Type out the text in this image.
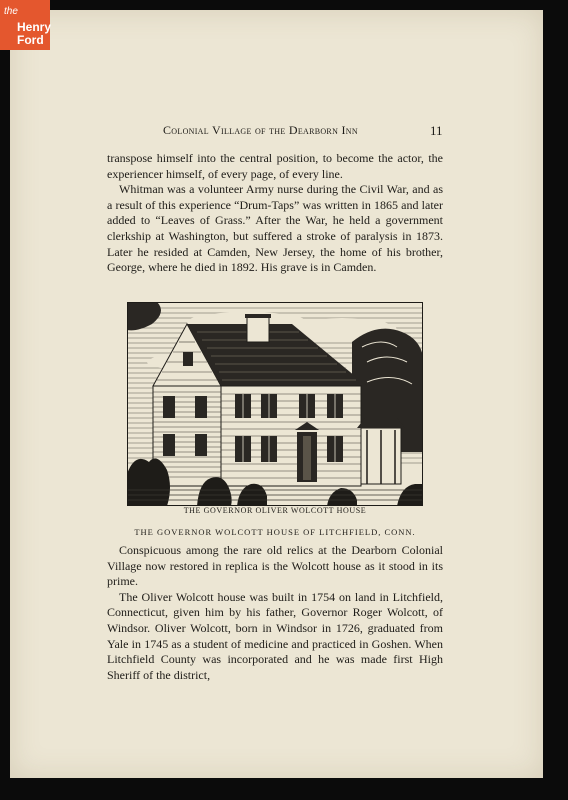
the
Henry
Ford
Colonial Village of the Dearborn Inn	11

transpose himself into the central position, to become the actor, the experiencer himself, of every page, of every line.

Whitman was a volunteer Army nurse during the Civil War, and as a result of this experience “Drum-Taps” was written in 1865 and later added to “Leaves of Grass.” After the War, he held a government clerkship at Washington, but suffered a stroke of paralysis in 1873. Later he resided at Camden, New Jersey, the home of his brother, George, where he died in 1892. His grave is in Camden.

THE GOVERNOR OLIVER WOLCOTT HOUSE
THE GOVERNOR WOLCOTT HOUSE OF LITCHFIELD, CONN.

Conspicuous among the rare old relics at the Dearborn Colonial Village now restored in replica is the Wolcott house as it stood in its prime.

The Oliver Wolcott house was built in 1754 on land in Litchfield, Connecticut, given him by his father, Governor Roger Wolcott, of Windsor. Oliver Wolcott, born in Windsor in 1726, graduated from Yale in 1745 as a student of medicine and practiced in Goshen. When Litchfield County was incorporated and he was made first High Sheriff of the district,
